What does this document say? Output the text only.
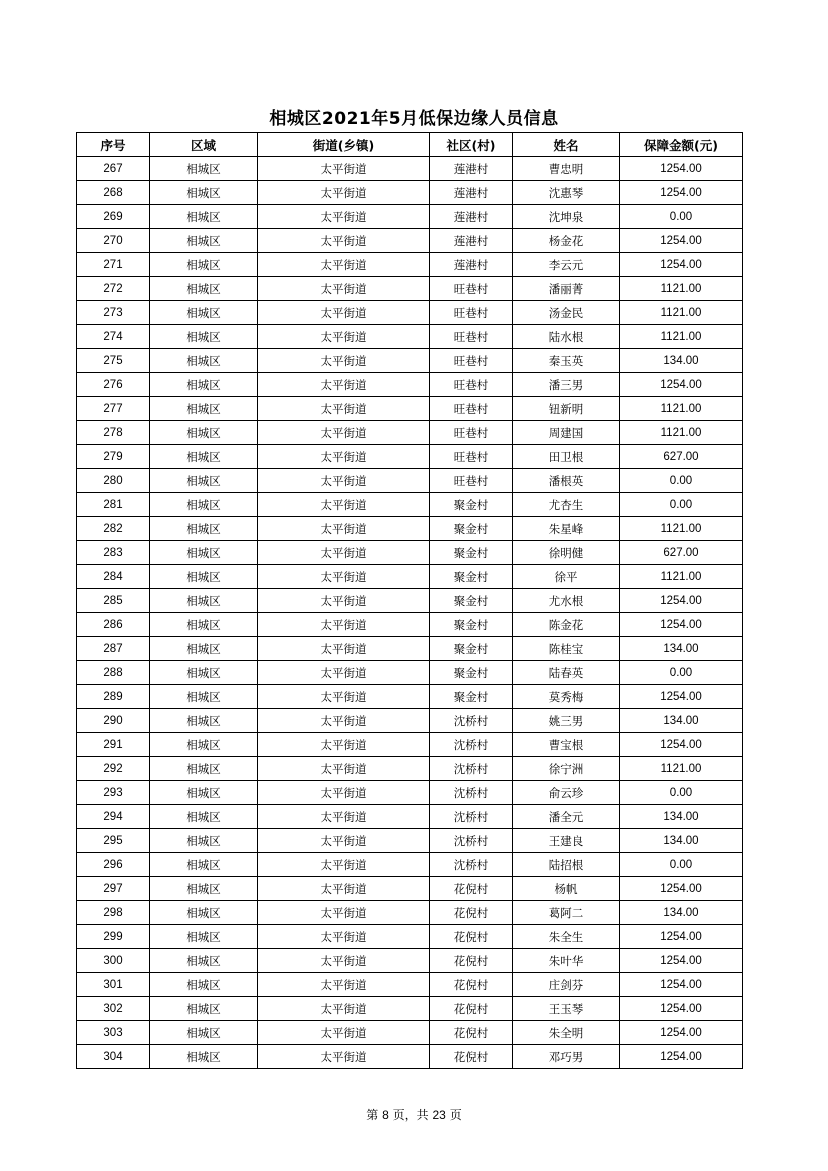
相城区2021年5月低保边缘人员信息
序号	区域	街道(乡镇)	社区(村)	姓名	保障金额(元)
267	相城区	太平街道	莲港村	曹忠明	1254.00
268	相城区	太平街道	莲港村	沈惠琴	1254.00
269	相城区	太平街道	莲港村	沈坤泉	0.00
270	相城区	太平街道	莲港村	杨金花	1254.00
271	相城区	太平街道	莲港村	李云元	1254.00
272	相城区	太平街道	旺巷村	潘丽菁	1121.00
273	相城区	太平街道	旺巷村	汤金民	1121.00
274	相城区	太平街道	旺巷村	陆水根	1121.00
275	相城区	太平街道	旺巷村	秦玉英	134.00
276	相城区	太平街道	旺巷村	潘三男	1254.00
277	相城区	太平街道	旺巷村	钮新明	1121.00
278	相城区	太平街道	旺巷村	周建国	1121.00
279	相城区	太平街道	旺巷村	田卫根	627.00
280	相城区	太平街道	旺巷村	潘根英	0.00
281	相城区	太平街道	聚金村	尤杏生	0.00
282	相城区	太平街道	聚金村	朱星峰	1121.00
283	相城区	太平街道	聚金村	徐明健	627.00
284	相城区	太平街道	聚金村	徐平	1121.00
285	相城区	太平街道	聚金村	尤水根	1254.00
286	相城区	太平街道	聚金村	陈金花	1254.00
287	相城区	太平街道	聚金村	陈桂宝	134.00
288	相城区	太平街道	聚金村	陆春英	0.00
289	相城区	太平街道	聚金村	莫秀梅	1254.00
290	相城区	太平街道	沈桥村	姚三男	134.00
291	相城区	太平街道	沈桥村	曹宝根	1254.00
292	相城区	太平街道	沈桥村	徐宁洲	1121.00
293	相城区	太平街道	沈桥村	俞云珍	0.00
294	相城区	太平街道	沈桥村	潘全元	134.00
295	相城区	太平街道	沈桥村	王建良	134.00
296	相城区	太平街道	沈桥村	陆招根	0.00
297	相城区	太平街道	花倪村	杨帆	1254.00
298	相城区	太平街道	花倪村	葛阿二	134.00
299	相城区	太平街道	花倪村	朱全生	1254.00
300	相城区	太平街道	花倪村	朱叶华	1254.00
301	相城区	太平街道	花倪村	庄剑芬	1254.00
302	相城区	太平街道	花倪村	王玉琴	1254.00
303	相城区	太平街道	花倪村	朱全明	1254.00
304	相城区	太平街道	花倪村	邓巧男	1254.00
第 8 页，共 23 页
